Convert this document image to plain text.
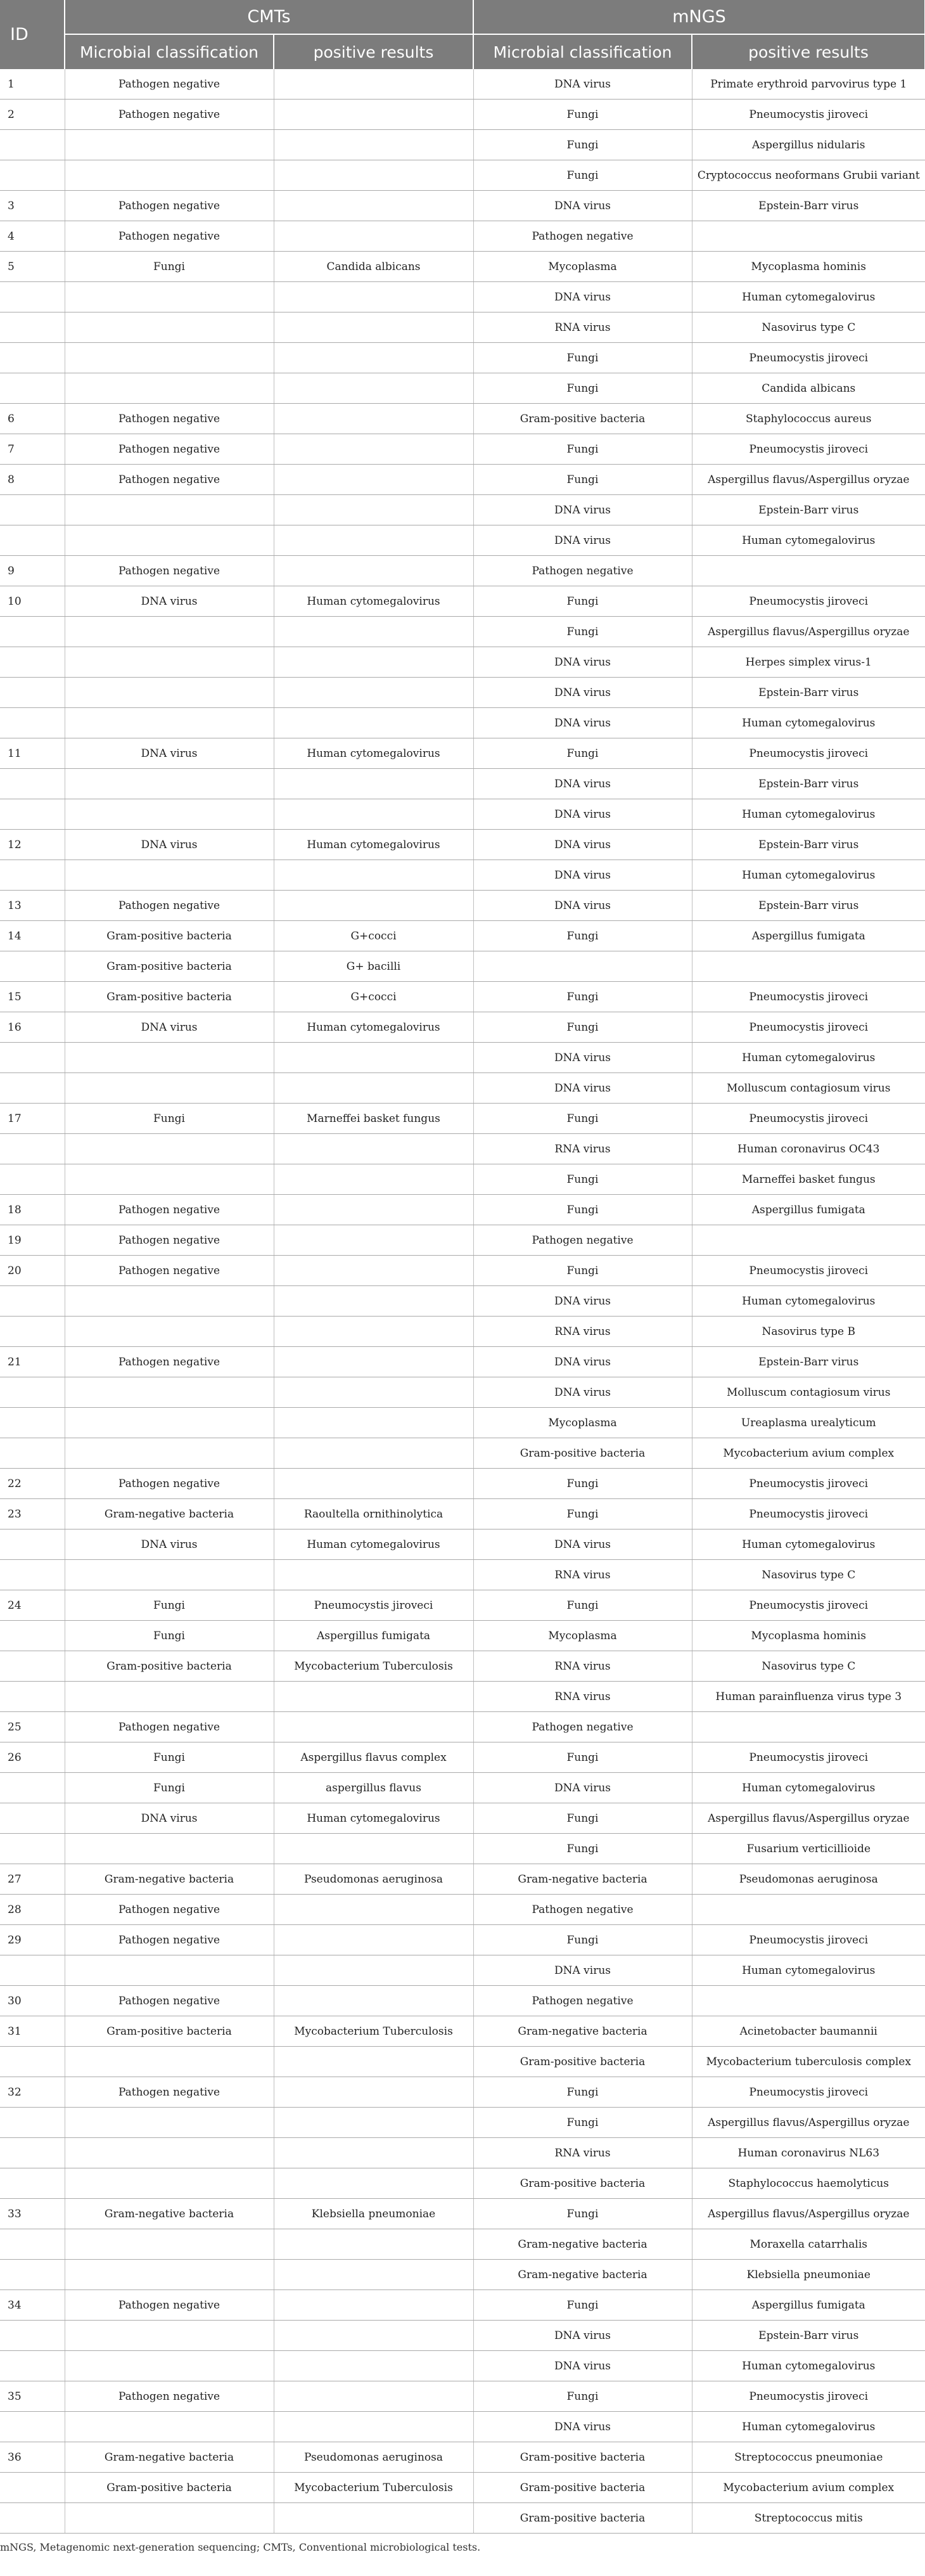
ID	CMTs		mNGS	
	Microbial classification	positive results	Microbial classification	positive results
1	Pathogen negative		DNA virus	Primate erythroid parvovirus type 1
2	Pathogen negative		Fungi	Pneumocystis jiroveci
			Fungi	Aspergillus nidularis
			Fungi	Cryptococcus neoformans Grubii variant
3	Pathogen negative		DNA virus	Epstein-Barr virus
4	Pathogen negative		Pathogen negative	
5	Fungi	Candida albicans	Mycoplasma	Mycoplasma hominis
			DNA virus	Human cytomegalovirus
			RNA virus	Nasovirus type C
			Fungi	Pneumocystis jiroveci
			Fungi	Candida albicans
6	Pathogen negative		Gram-positive bacteria	Staphylococcus aureus
7	Pathogen negative		Fungi	Pneumocystis jiroveci
8	Pathogen negative		Fungi	Aspergillus flavus/Aspergillus oryzae
			DNA virus	Epstein-Barr virus
			DNA virus	Human cytomegalovirus
9	Pathogen negative		Pathogen negative	
10	DNA virus	Human cytomegalovirus	Fungi	Pneumocystis jiroveci
			Fungi	Aspergillus flavus/Aspergillus oryzae
			DNA virus	Herpes simplex virus-1
			DNA virus	Epstein-Barr virus
			DNA virus	Human cytomegalovirus
11	DNA virus	Human cytomegalovirus	Fungi	Pneumocystis jiroveci
			DNA virus	Epstein-Barr virus
			DNA virus	Human cytomegalovirus
12	DNA virus	Human cytomegalovirus	DNA virus	Epstein-Barr virus
			DNA virus	Human cytomegalovirus
13	Pathogen negative		DNA virus	Epstein-Barr virus
14	Gram-positive bacteria	G+cocci	Fungi	Aspergillus fumigata
	Gram-positive bacteria	G+ bacilli		
15	Gram-positive bacteria	G+cocci	Fungi	Pneumocystis jiroveci
16	DNA virus	Human cytomegalovirus	Fungi	Pneumocystis jiroveci
			DNA virus	Human cytomegalovirus
			DNA virus	Molluscum contagiosum virus
17	Fungi	Marneffei basket fungus	Fungi	Pneumocystis jiroveci
			RNA virus	Human coronavirus OC43
			Fungi	Marneffei basket fungus
18	Pathogen negative		Fungi	Aspergillus fumigata
19	Pathogen negative		Pathogen negative	
20	Pathogen negative		Fungi	Pneumocystis jiroveci
			DNA virus	Human cytomegalovirus
			RNA virus	Nasovirus type B
21	Pathogen negative		DNA virus	Epstein-Barr virus
			DNA virus	Molluscum contagiosum virus
			Mycoplasma	Ureaplasma urealyticum
			Gram-positive bacteria	Mycobacterium avium complex
22	Pathogen negative		Fungi	Pneumocystis jiroveci
23	Gram-negative bacteria	Raoultella ornithinolytica	Fungi	Pneumocystis jiroveci
	DNA virus	Human cytomegalovirus	DNA virus	Human cytomegalovirus
			RNA virus	Nasovirus type C
24	Fungi	Pneumocystis jiroveci	Fungi	Pneumocystis jiroveci
	Fungi	Aspergillus fumigata	Mycoplasma	Mycoplasma hominis
	Gram-positive bacteria	Mycobacterium Tuberculosis	RNA virus	Nasovirus type C
			RNA virus	Human parainfluenza virus type 3
25	Pathogen negative		Pathogen negative	
26	Fungi	Aspergillus flavus complex	Fungi	Pneumocystis jiroveci
	Fungi	aspergillus flavus	DNA virus	Human cytomegalovirus
	DNA virus	Human cytomegalovirus	Fungi	Aspergillus flavus/Aspergillus oryzae
			Fungi	Fusarium verticillioide
27	Gram-negative bacteria	Pseudomonas aeruginosa	Gram-negative bacteria	Pseudomonas aeruginosa
28	Pathogen negative		Pathogen negative	
29	Pathogen negative		Fungi	Pneumocystis jiroveci
			DNA virus	Human cytomegalovirus
30	Pathogen negative		Pathogen negative	
31	Gram-positive bacteria	Mycobacterium Tuberculosis	Gram-negative bacteria	Acinetobacter baumannii
			Gram-positive bacteria	Mycobacterium tuberculosis complex
32	Pathogen negative		Fungi	Pneumocystis jiroveci
			Fungi	Aspergillus flavus/Aspergillus oryzae
			RNA virus	Human coronavirus NL63
			Gram-positive bacteria	Staphylococcus haemolyticus
33	Gram-negative bacteria	Klebsiella pneumoniae	Fungi	Aspergillus flavus/Aspergillus oryzae
			Gram-negative bacteria	Moraxella catarrhalis
			Gram-negative bacteria	Klebsiella pneumoniae
34	Pathogen negative		Fungi	Aspergillus fumigata
			DNA virus	Epstein-Barr virus
			DNA virus	Human cytomegalovirus
35	Pathogen negative		Fungi	Pneumocystis jiroveci
			DNA virus	Human cytomegalovirus
36	Gram-negative bacteria	Pseudomonas aeruginosa	Gram-positive bacteria	Streptococcus pneumoniae
	Gram-positive bacteria	Mycobacterium Tuberculosis	Gram-positive bacteria	Mycobacterium avium complex
			Gram-positive bacteria	Streptococcus mitis
mNGS, Metagenomic next-generation sequencing; CMTs, Conventional microbiological tests.
